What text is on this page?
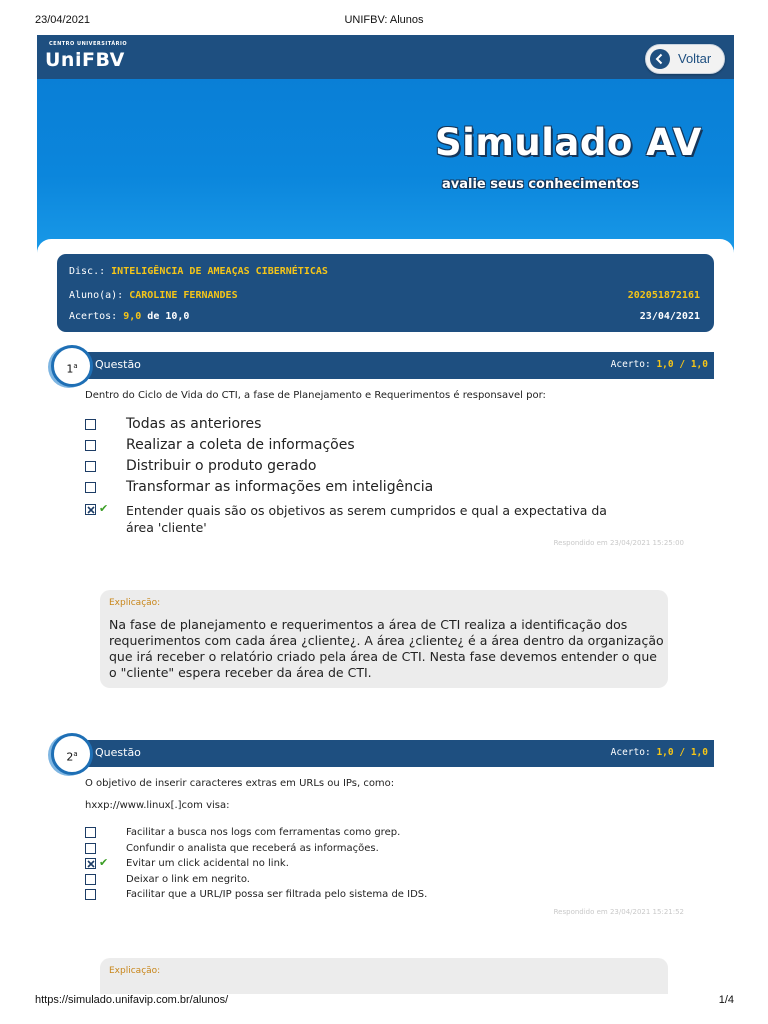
23/04/2021	UNIFBV: Alunos
CENTRO UNIVERSITÁRIO
UniFBV	Voltar
Simulado AV
avalie seus conhecimentos
Disc.: INTELIGÊNCIA DE AMEAÇAS CIBERNÉTICAS
Aluno(a): CAROLINE FERNANDES	202051872161
Acertos: 9,0 de 10,0	23/04/2021
Questão	Acerto: 1,0 / 1,0
1$^a$
Dentro do Ciclo de Vida do CTI, a fase de Planejamento e Requerimentos é responsavel por:
Todas as anteriores
Realizar a coleta de informações
Distribuir o produto gerado
Transformar as informações em inteligência
✔ Entender quais são os objetivos as serem cumpridos e qual a expectativa da
área 'cliente'
Respondido em 23/04/2021 15:25:00
Explicação:
Na fase de planejamento e requerimentos a área de CTI realiza a identificação dos requerimentos com cada área ¿cliente¿. A área ¿cliente¿ é a área dentro da organização que irá receber o relatório criado pela área de CTI. Nesta fase devemos entender o que o "cliente" espera receber da área de CTI.
Questão	Acerto: 1,0 / 1,0
2$^a$
O objetivo de inserir caracteres extras em URLs ou IPs, como:
hxxp://www.linux[.]com visa:
Facilitar a busca nos logs com ferramentas como grep.
Confundir o analista que receberá as informações.
✔ Evitar um click acidental no link.
Deixar o link em negrito.
Facilitar que a URL/IP possa ser filtrada pelo sistema de IDS.
Respondido em 23/04/2021 15:21:52
Explicação:
https://simulado.unifavip.com.br/alunos/	1/4
